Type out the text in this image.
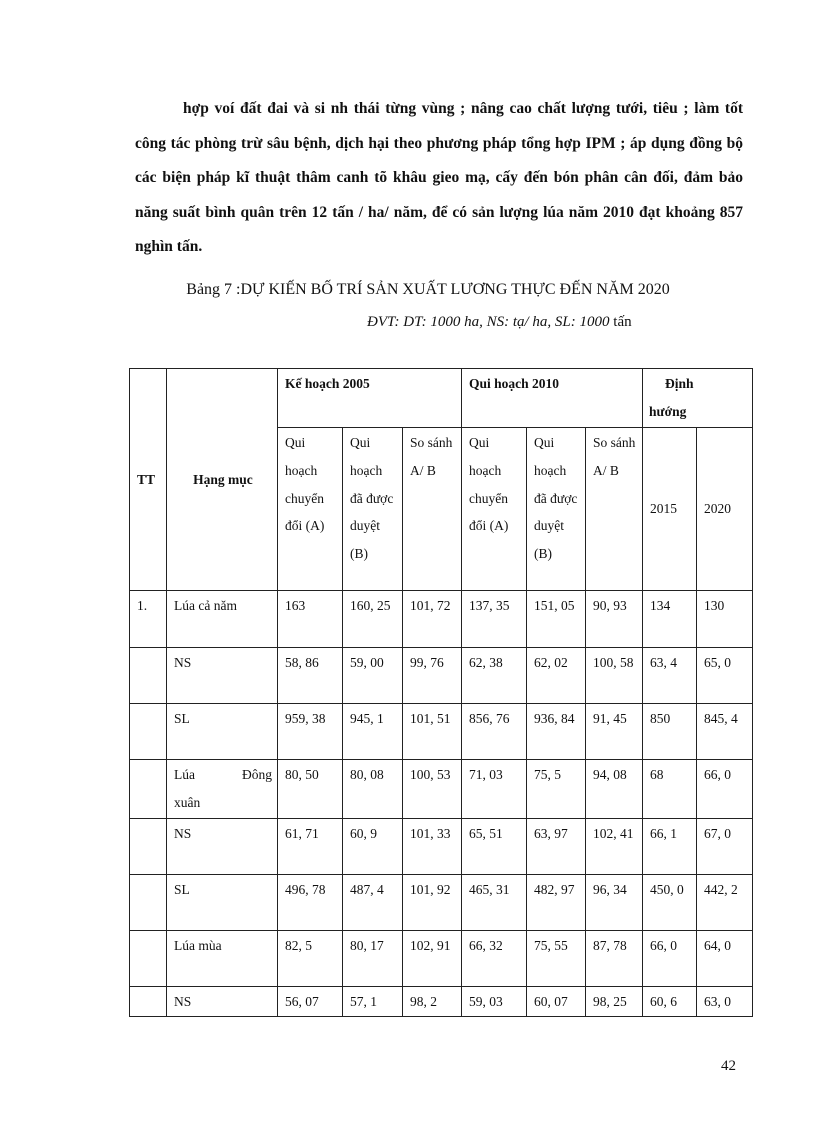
hợp voí đất đai và si nh thái từng vùng ; nâng cao chất lượng tưới, tiêu ; làm tốt công tác phòng trừ sâu bệnh, dịch hại theo phương pháp tổng hợp IPM ; áp dụng đồng bộ các biện pháp kĩ thuật thâm canh tõ khâu gieo mạ, cấy đến bón phân cân đối, đảm bảo năng suất bình quân trên 12 tấn / ha/ năm, để có sản lượng lúa năm 2010 đạt khoảng 857 nghìn tấn.
Bảng 7 :DỰ KIẾN BỐ TRÍ SẢN XUẤT LƯƠNG THỰC ĐẾN NĂM 2020
ĐVT: DT: 1000 ha, NS: tạ/ ha, SL: 1000 tấn
TT	Hạng mục	Kế hoạch 2005			Qui hoạch 2010			Định
hướng	
		Qui hoạch chuyển đổi (A)	Qui hoạch đã được duyệt (B)	So sánh A/ B	Qui hoạch chuyển đổi (A)	Qui hoạch đã được duyệt (B)	So sánh A/ B	2015	2020
1.	Lúa cả năm	163	160, 25	101, 72	137, 35	151, 05	90, 93	134	130
	NS	58, 86	59, 00	99, 76	62, 38	62, 02	100, 58	63, 4	65, 0
	SL	959, 38	945, 1	101, 51	856, 76	936, 84	91, 45	850	845, 4

	Lúa Đông
xuân	80, 50	80, 08	100, 53	71, 03	75, 5	94, 08	68	66, 0
	NS	61, 71	60, 9	101, 33	65, 51	63, 97	102, 41	66, 1	67, 0
	SL	496, 78	487, 4	101, 92	465, 31	482, 97	96, 34	450, 0	442, 2
	Lúa mùa	82, 5	80, 17	102, 91	66, 32	75, 55	87, 78	66, 0	64, 0
	NS	56, 07	57, 1	98, 2	59, 03	60, 07	98, 25	60, 6	63, 0
42
